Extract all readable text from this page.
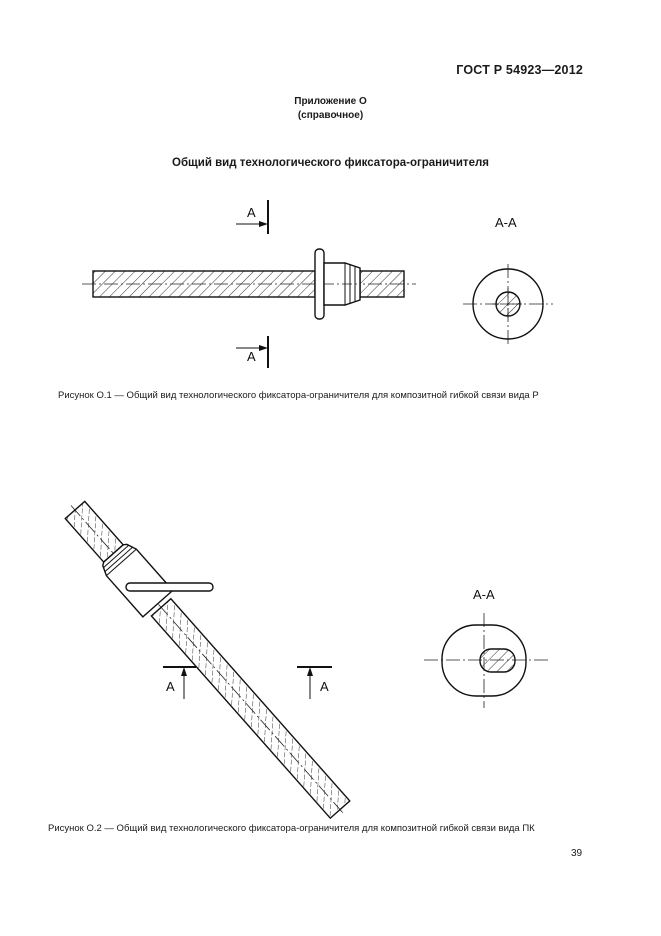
ГОСТ Р 54923—2012
Приложение О
(справочное)
Общий вид технологического фиксатора-ограничителя
А
А
А-А
Рисунок О.1 — Общий вид технологического фиксатора-ограничителя для композитной гибкой связи вида Р
А	А
А-А
Рисунок О.2 — Общий вид технологического фиксатора-ограничителя для композитной гибкой связи вида ПК
39
